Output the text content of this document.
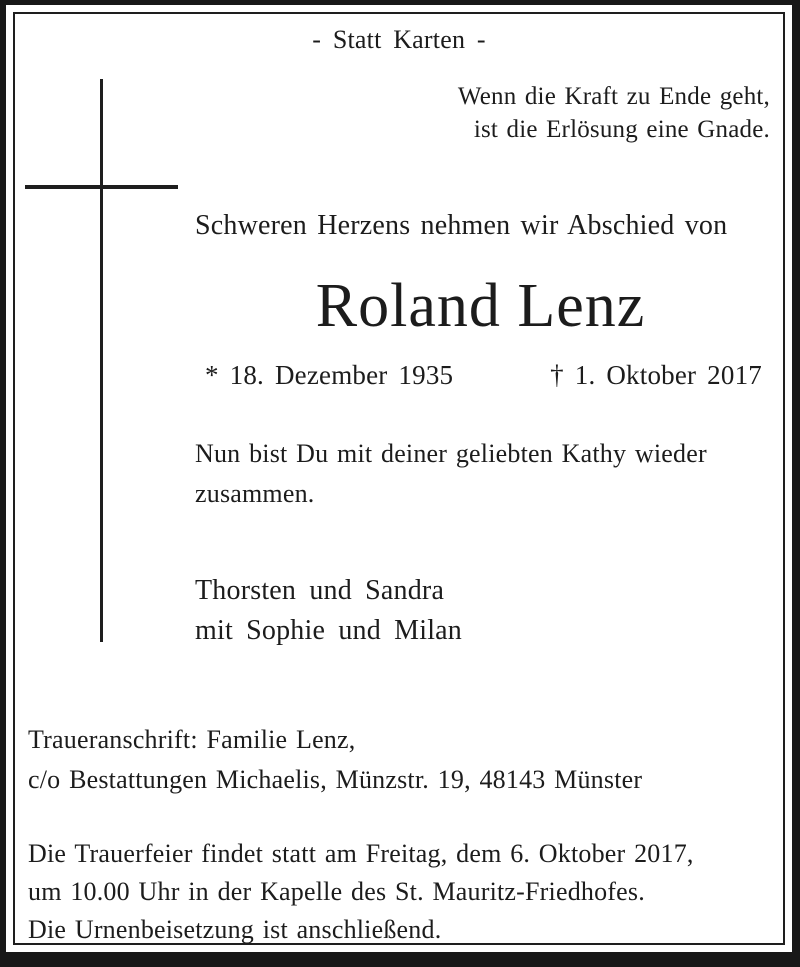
- Statt Karten -
Wenn die Kraft zu Ende geht,
ist die Erlösung eine Gnade.
Schweren Herzens nehmen wir Abschied von
Roland Lenz
* 18. Dezember 1935	† 1. Oktober 2017
Nun bist Du mit deiner geliebten Kathy wieder
zusammen.
Thorsten und Sandra
mit Sophie und Milan
Traueranschrift: Familie Lenz,
c/o Bestattungen Michaelis, Münzstr. 19, 48143 Münster
Die Trauerfeier findet statt am Freitag, dem 6. Oktober 2017,
um 10.00 Uhr in der Kapelle des St. Mauritz-Friedhofes.
Die Urnenbeisetzung ist anschließend.
